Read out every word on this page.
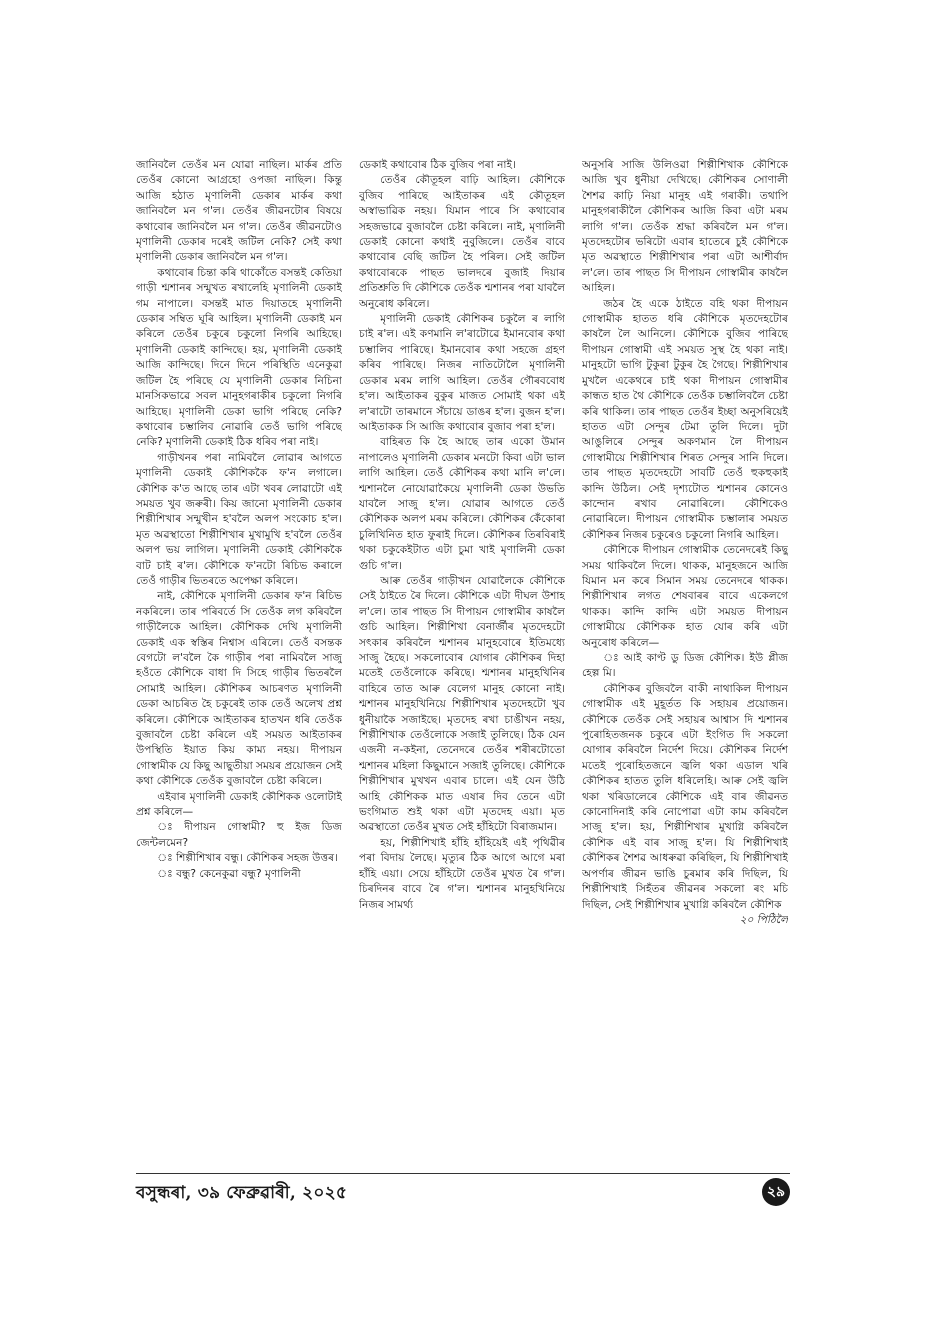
জানিবলৈ তেওঁৰ মন যোৱা নাছিল। মাৰ্কৰ প্ৰতি তেওঁৰ কোনো আগ্ৰহো ওপজা নাছিল। কিন্তু আজি হঠাত মৃণালিনী ডেকাৰ মাৰ্কৰ কথা জানিবলৈ মন গ'ল। তেওঁৰ জীৱনটোৰ বিষয়ে কথাবোৰ জানিবলৈ মন গ'ল। তেওঁৰ জীৱনটোও মৃণালিনী ডেকাৰ দৰেই জটিল নেকি? সেই কথা মৃণালিনী ডেকাৰ জানিবলৈ মন গ'ল।

কথাবোৰ চিন্তা কৰি থাকোঁতে বসন্তই কেতিয়া গাড়ী শ্মশানৰ সন্মুখত ৰখালেহি মৃণালিনী ডেকাই গম নাপালে। বসন্তই মাত দিয়াতহে মৃণালিনী ডেকাৰ সম্বিত ঘূৰি আহিল। মৃণালিনী ডেকাই মন কৰিলে তেওঁৰ চকুৰে চকুলো নিগৰি আহিছে। মৃণালিনী ডেকাই কান্দিছে। হয়, মৃণালিনী ডেকাই আজি কান্দিছে। দিনে দিনে পৰিস্থিতি এনেকুৱা জটিল হৈ পৰিছে যে মৃণালিনী ডেকাৰ নিচিনা মানসিকভাৱে সবল মানুহগৰাকীৰ চকুলো নিগৰি আহিছে। মৃণালিনী ডেকা ভাগি পৰিছে নেকি? কথাবোৰ চম্ভালিব নোৱাৰি তেওঁ ভাগি পৰিছে নেকি? মৃণালিনী ডেকাই ঠিক ধৰিব পৰা নাই।

গাড়ীখনৰ পৰা নামিবলৈ লোৱাৰ আগতে মৃণালিনী ডেকাই কৌশিককৈ ফ'ন লগালে। কৌশিক ক'ত আছে তাৰ এটা খবৰ লোৱাটো এই সময়ত খুব জৰুৰী। কিয় জানো মৃণালিনী ডেকাৰ শিল্পীশিখাৰ সন্মুখীন হ'বলৈ অলপ সংকোচ হ'ল। মৃত অৱস্থাতো শিল্পীশিখাৰ মুখামুখি হ'বলৈ তেওঁৰ অলপ ভয় লাগিল। মৃণালিনী ডেকাই কৌশিককৈ বাট চাই ৰ'ল। কৌশিকে ফ'নটো ৰিচিভ কৰালে তেওঁ গাড়ীৰ ভিতৰতে অপেক্ষা কৰিলে।

নাই, কৌশিকে মৃণালিনী ডেকাৰ ফ'ন ৰিচিভ নকৰিলে। তাৰ পৰিবৰ্তে সি তেওঁক লগ কৰিবলৈ গাড়ীলৈকে আহিল। কৌশিকক দেখি মৃণালিনী ডেকাই এক স্বস্তিৰ নিশ্বাস এৰিলে। তেওঁ বসন্তক বেগটো ল'বলৈ কৈ গাড়ীৰ পৰা নামিবলৈ সাজু হওঁতে কৌশিকে বাধা দি সিহে গাড়ীৰ ভিতৰলৈ সোমাই আহিল। কৌশিকৰ আচৰণত মৃণালিনী ডেকা আচৰিত হৈ চকুৰেই তাক তেওঁ অলেখ প্ৰশ্ন কৰিলে। কৌশিকে আইতাকৰ হাতখন ধৰি তেওঁক বুজাবলৈ চেষ্টা কৰিলে এই সময়ত আইতাকৰ উপস্থিতি ইয়াত কিয় কাম্য নহয়। দীপায়ন গোস্বামীক যে কিছু আছুতীয়া সময়ৰ প্ৰয়োজন সেই কথা কৌশিকে তেওঁক বুজাবলৈ চেষ্টা কৰিলে।

এইবাৰ মৃণালিনী ডেকাই কৌশিকক ওলোটাই প্ৰশ্ন কৰিলে—

ঃ দীপায়ন গোস্বামী? হু ইজ ডিজ জেন্টলমেন?

ঃ শিল্পীশিখাৰ বন্ধু। কৌশিকৰ সহজ উত্তৰ।

ঃ বন্ধু? কেনেকুৱা বন্ধু? মৃণালিনী

ডেকাই কথাবোৰ ঠিক বুজিব পৰা নাই।

তেওঁৰ কৌতূহল বাঢ়ি আহিল। কৌশিকে বুজিব পাৰিছে আইতাকৰ এই কৌতূহল অস্বাভাৱিক নহয়। যিমান পাৰে সি কথাবোৰ সহজভাৱে বুজাবলৈ চেষ্টা কৰিলে। নাই, মৃণালিনী ডেকাই কোনো কথাই নুবুজিলে। তেওঁৰ বাবে কথাবোৰ বেছি জটিল হৈ পৰিল। সেই জটিল কথাবোৰকে পাছত ভালদৰে বুজাই দিয়াৰ প্ৰতিশ্ৰুতি দি কৌশিকে তেওঁক শ্মশানৰ পৰা যাবলৈ অনুৰোধ কৰিলে।

মৃণালিনী ডেকাই কৌশিকৰ চকুলৈ ৰ লাগি চাই ৰ'ল। এই কণমানি ল'ৰাটোৱে ইমানবোৰ কথা চম্ভালিব পাৰিছে। ইমানবোৰ কথা সহজে গ্ৰহণ কৰিব পাৰিছে। নিজৰ নাতিটোলৈ মৃণালিনী ডেকাৰ মৰম লাগি আহিল। তেওঁৰ গৌৰববোধ হ'ল। আইতাকৰ বুকুৰ মাজত সোমাই থকা এই ল'ৰাটো তাৰমানে সঁচায়ে ডাঙৰ হ'ল। বুজন হ'ল। আইতাকক সি আজি কথাবোৰ বুজাব পৰা হ'ল।

বাহিৰত কি হৈ আছে তাৰ একো উমান নাপালেও মৃণালিনী ডেকাৰ মনটো কিবা এটা ভাল লাগি আহিল। তেওঁ কৌশিকৰ কথা মানি ল'লে। শ্মশানলৈ নোযোৱাকৈয়ে মৃণালিনী ডেকা উভতি যাবলৈ সাজু হ'ল। যোৱাৰ আগতে তেওঁ কৌশিকক অলপ মৰম কৰিলে। কৌশিকৰ কেঁকোৰা চুলিখিনিত হাত ফুৰাই দিলে। কৌশিকৰ তিৰবিৰাই থকা চকুকেইটাত এটা চুমা খাই মৃণালিনী ডেকা গুচি গ'ল।

আৰু তেওঁৰ গাড়ীখন যোৱালৈকে কৌশিকে সেই ঠাইতে ৰৈ দিলে। কৌশিকে এটা দীঘল উশাহ ল'লে। তাৰ পাছত সি দীপায়ন গোস্বামীৰ কাষলৈ গুচি আহিল। শিল্পীশিখা বেনাৰ্জীৰ মৃতদেহটো সৎকাৰ কৰিবলৈ শ্মশানৰ মানুহবোৰে ইতিমধ্যে সাজু হৈছে। সকলোবোৰ যোগাৰ কৌশিকৰ দিহা মতেই তেওঁলোকে কৰিছে। শ্মশানৰ মানুহখিনিৰ বাহিৰে তাত আৰু বেলেগ মানুহ কোনো নাই। শ্মশানৰ মানুহখিনিয়ে শিল্পীশিখাৰ মৃতদেহটো খুব ধুনীয়াকৈ সজাইছে। মৃতদেহ ৰখা চাঙীখন নহয়, শিল্পীশিখাক তেওঁলোকে সজাই তুলিছে। ঠিক যেন এজনী ন-কইনা, তেনেদৰে তেওঁৰ শৰীৰটোতো শ্মশানৰ মহিলা কিছুমানে সজাই তুলিছে। কৌশিকে শিল্পীশিখাৰ মুখখন এবাৰ চালে। এই যেন উঠি আহি কৌশিকক মাত এষাৰ দিব তেনে এটা ভংগিমাত শুই থকা এটা মৃতদেহ এয়া। মৃত অৱস্থাতো তেওঁৰ মুখত সেই হাঁহিটো বিৰাজমান।

হয়, শিল্পীশিখাই হাঁহি হাঁহিয়েই এই পৃথিৱীৰ পৰা বিদায় লৈছে। মৃত্যুৰ ঠিক আগে আগে মৰা হাঁহি এয়া। সেয়ে হাঁহিটো তেওঁৰ মুখত ৰৈ গ'ল। চিৰদিনৰ বাবে ৰৈ গ'ল। শ্মশানৰ মানুহখিনিয়ে নিজৰ সামৰ্থ্য

অনুসৰি সাজি উলিওৱা শিল্পীশিখাক কৌশিকে আজি খুব ধুনীয়া দেখিছে। কৌশিকৰ সোণালী শৈশৱ কাঢ়ি নিয়া মানুহ এই গৰাকী। তথাপি মানুহগৰাকীলৈ কৌশিকৰ আজি কিবা এটা মৰম লাগি গ'ল। তেওঁক শ্ৰদ্ধা কৰিবলৈ মন গ'ল। মৃতদেহটোৰ ভৰিটো এবাৰ হাতেৰে চুই কৌশিকে মৃত অৱস্থাতে শিল্পীশিখাৰ পৰা এটা আশীৰ্বাদ ল'লে। তাৰ পাছত সি দীপায়ন গোস্বামীৰ কাষলৈ আহিল।

জঠৰ হৈ একে ঠাইতে বহি থকা দীপায়ন গোস্বামীক হাতত ধৰি কৌশিকে মৃতদেহটোৰ কাষলৈ লৈ আনিলে। কৌশিকে বুজিব পাৰিছে দীপায়ন গোস্বামী এই সময়ত সুস্থ হৈ থকা নাই। মানুহটো ভাগি টুকুৰা টুকুৰ হৈ গৈছে। শিল্পীশিখাৰ মুখলৈ একেথৰে চাই থকা দীপায়ন গোস্বামীৰ কান্ধত হাত থৈ কৌশিকে তেওঁক চম্ভালিবলৈ চেষ্টা কৰি থাকিল। তাৰ পাছত তেওঁৰ ইচ্ছা অনুসৰিয়েই হাতত এটা সেন্দুৰ টেমা তুলি দিলে। দুটা আঙুলিৰে সেন্দুৰ অকণমান লৈ দীপায়ন গোস্বামীয়ে শিল্পীশিখাৰ শিৰত সেন্দুৰ সানি দিলে। তাৰ পাছত মৃতদেহটো সাবটি তেওঁ হুকহুকাই কান্দি উঠিল। সেই দৃশ্যটোত শ্মশানৰ কোনেও কান্দোন ৰখাব নোৱাৰিলে। কৌশিকেও নোৱাৰিলে। দীপায়ন গোস্বামীক চম্ভালাৰ সময়ত কৌশিকৰ নিজৰ চকুৰেও চকুলো নিগৰি আহিল।

কৌশিকে দীপায়ন গোস্বামীক তেনেদৰেই কিছু সময় থাকিবলৈ দিলে। থাকক, মানুহজনে আজি যিমান মন কৰে সিমান সময় তেনেদৰে থাকক। শিল্পীশিখাৰ লগত শেষবাৰৰ বাবে একেলগে থাকক। কান্দি কান্দি এটা সময়ত দীপায়ন গোস্বামীয়ে কৌশিকক হাত যোৰ কৰি এটা অনুৰোধ কৰিলে—

ঃ আই কাণ্ট ডু ডিজ কৌশিক। ইউ প্লীজ হেল্প মি।

কৌশিকৰ বুজিবলৈ বাকী নাথাকিল দীপায়ন গোস্বামীক এই মুহূৰ্তত কি সহায়ৰ প্ৰয়োজন। কৌশিকে তেওঁক সেই সহায়ৰ আশ্বাস দি শ্মশানৰ পুৰোহিতজনক চকুৰে এটা ইংগিত দি সকলো যোগাৰ কৰিবলৈ নিৰ্দেশ দিয়ে। কৌশিকৰ নিৰ্দেশ মতেই পুৰোহিতজনে জ্বলি থকা এডাল খৰি কৌশিকৰ হাতত তুলি ধৰিলেহি। আৰু সেই জ্বলি থকা খৰিডালেৰে কৌশিকে এই বাৰ জীৱনত কোনোদিনাই কৰি নোপোৱা এটা কাম কৰিবলৈ সাজু হ'ল। হয়, শিল্পীশিখাৰ মুখাগ্নি কৰিবলৈ কৌশিক এই বাৰ সাজু হ'ল। যি শিল্পীশিখাই কৌশিকৰ শৈশৱ আধৰুৱা কৰিছিল, যি শিল্পীশিখাই অপৰ্ণাৰ জীৱন ভাঙি চুৰমাৰ কৰি দিছিল, যি শিল্পীশিখাই সিহঁতৰ জীৱনৰ সকলো ৰং মচি দিছিল, সেই শিল্পীশিখাৰ মুখাগ্নি কৰিবলৈ কৌশিক

২০ পিঠিলৈ

বসুন্ধৰা, ৩৯ ফেব্ৰুৱাৰী, ২০২৫	২৯
